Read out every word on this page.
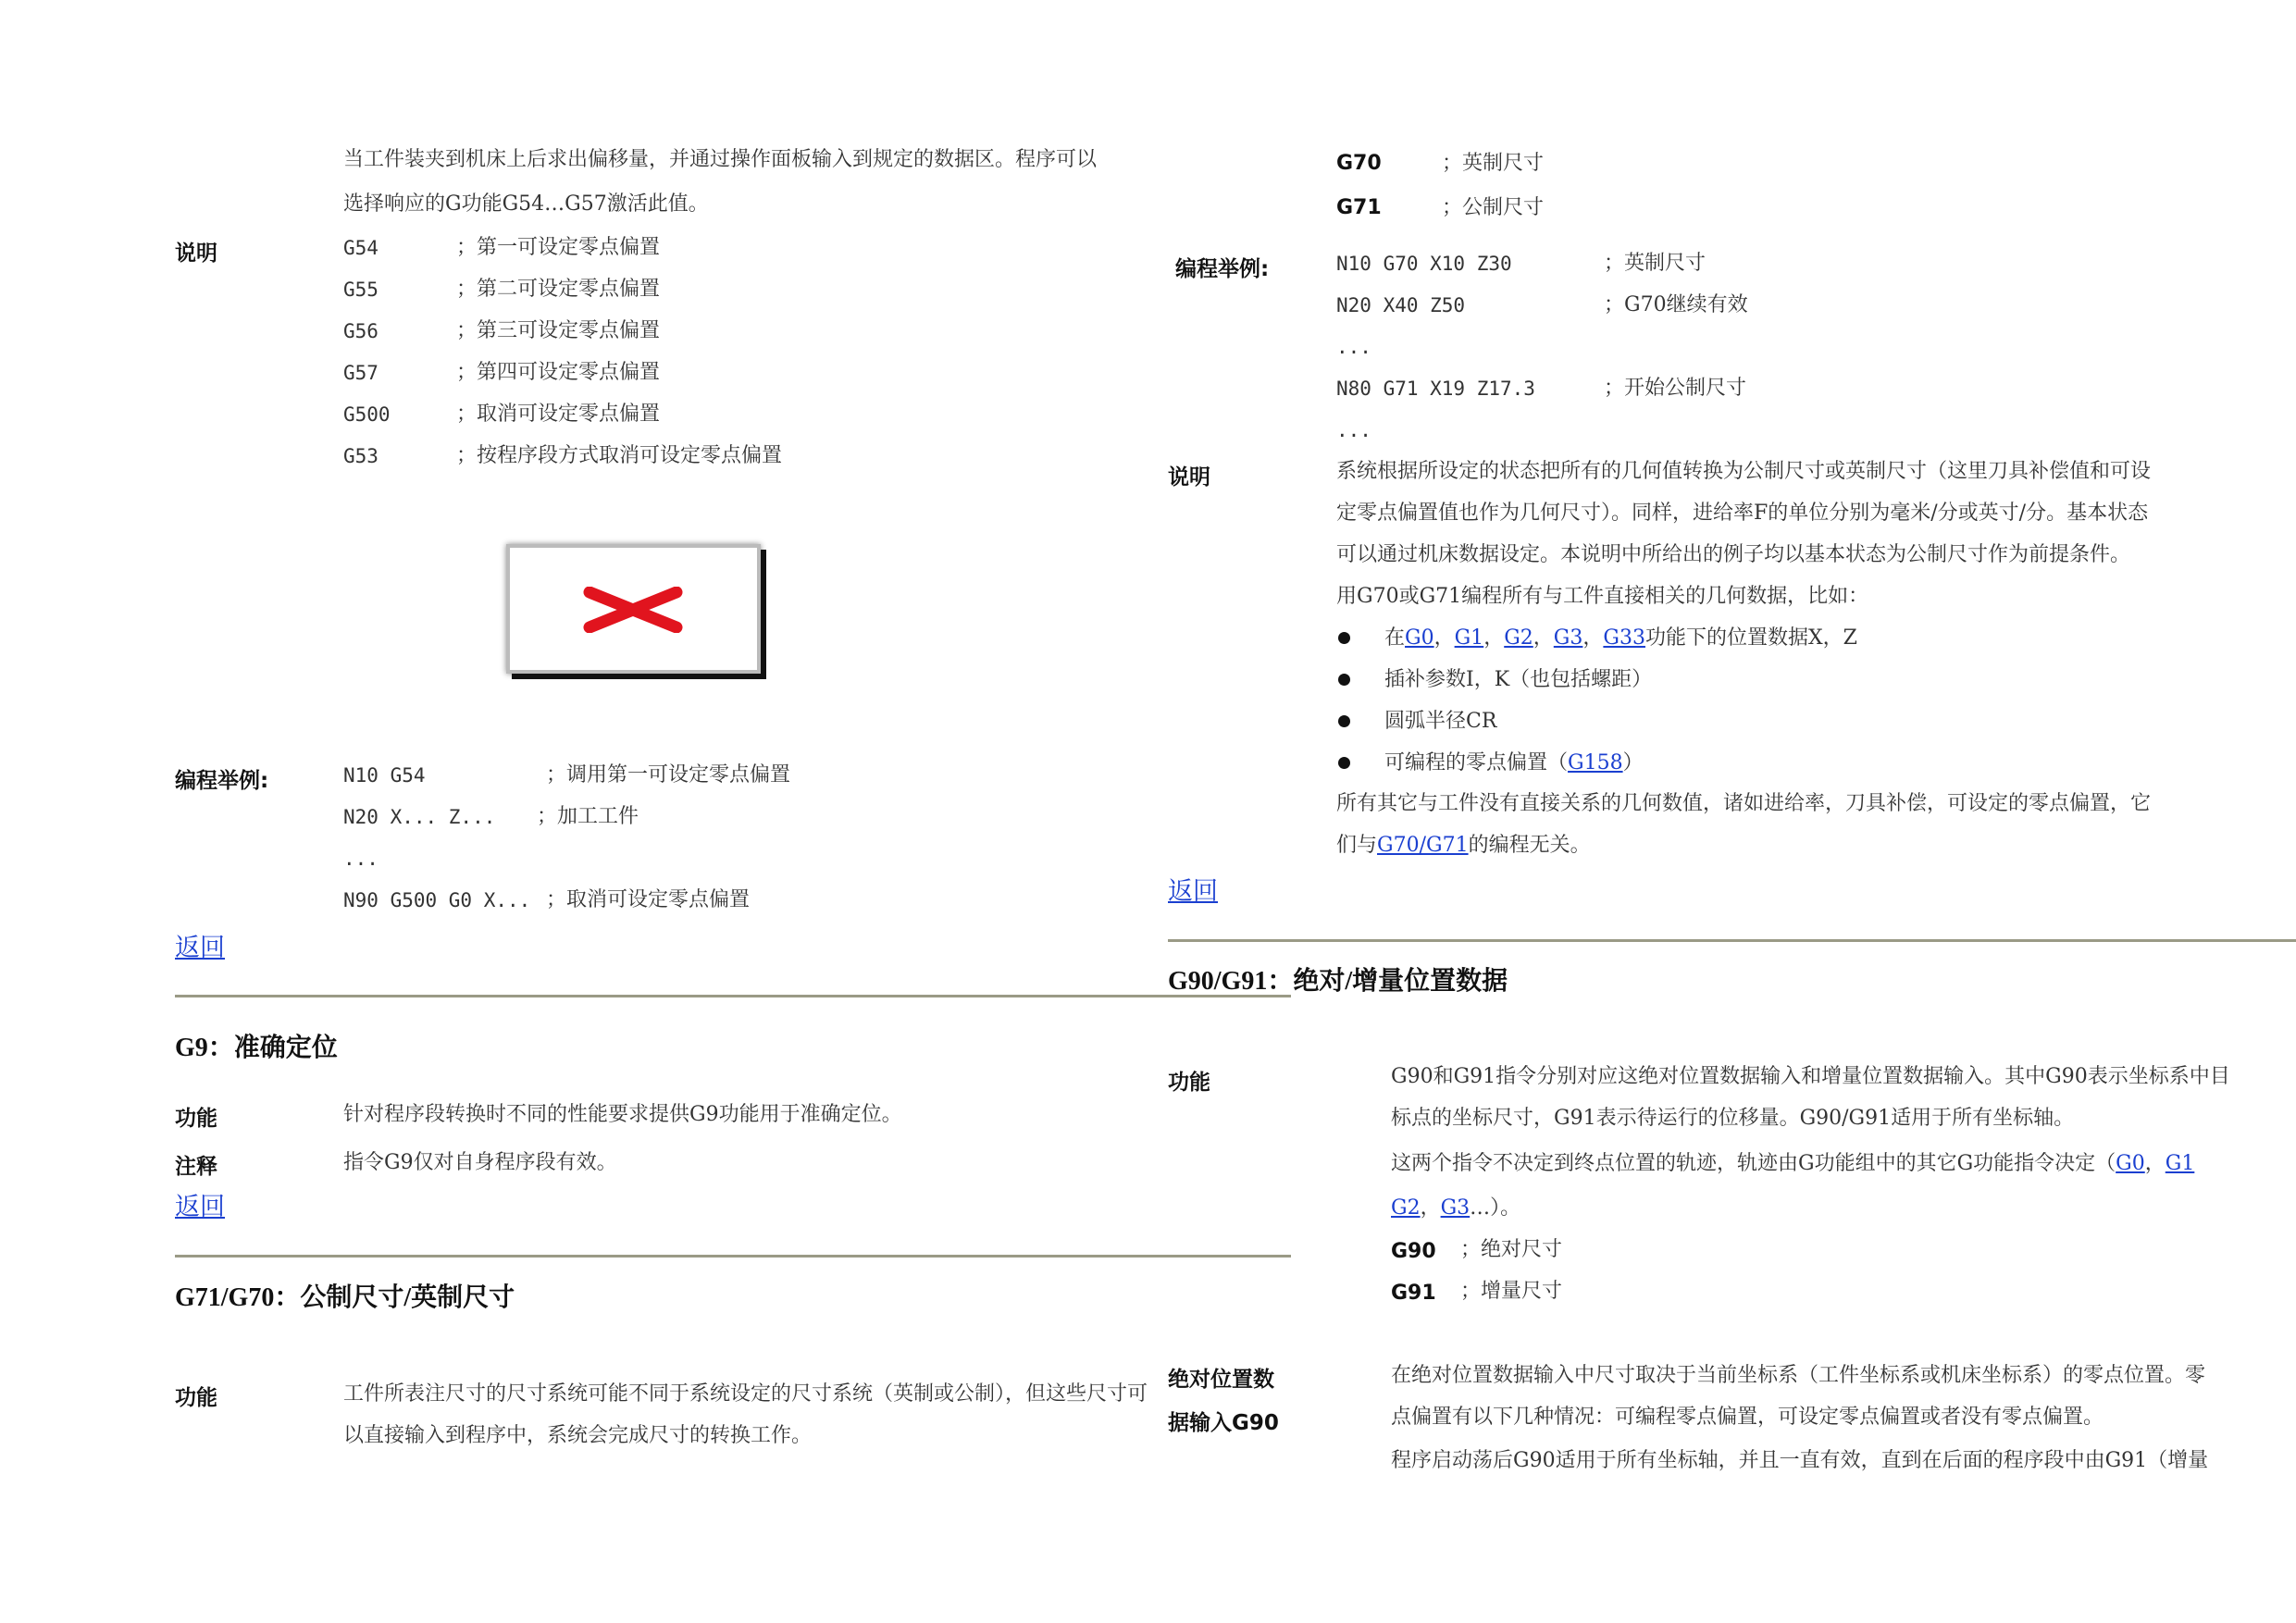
当工件装夹到机床上后求出偏移量，并通过操作面板输入到规定的数据区。程序可以
选择响应的G功能G54…G57激活此值。
说明	G54	；第一可设定零点偏置
G55	；第二可设定零点偏置
G56	；第三可设定零点偏置
G57	；第四可设定零点偏置
G500	；取消可设定零点偏置
G53	；按程序段方式取消可设定零点偏置
编程举例:	N10 G54	；调用第一可设定零点偏置
N20 X... Z... ；加工工件
...
N90 G500 G0 X... ；取消可设定零点偏置
返回
G9：准确定位
功能	针对程序段转换时不同的性能要求提供G9功能用于准确定位。
注释	指令G9仅对自身程序段有效。
返回
G71/G70：公制尺寸/英制尺寸
功能	工件所表注尺寸的尺寸系统可能不同于系统设定的尺寸系统（英制或公制），但这些尺寸可
以直接输入到程序中，系统会完成尺寸的转换工作。
G70	；英制尺寸
G71	；公制尺寸
编程举例:	N10 G70 X10 Z30	；英制尺寸
N20 X40 Z50	；G70继续有效
...
N80 G71 X19 Z17.3	；开始公制尺寸
...
说明	系统根据所设定的状态把所有的几何值转换为公制尺寸或英制尺寸（这里刀具补偿值和可设
定零点偏置值也作为几何尺寸）。同样，进给率F的单位分别为毫米/分或英寸/分。基本状态
可以通过机床数据设定。本说明中所给出的例子均以基本状态为公制尺寸作为前提条件。
用G70或G71编程所有与工件直接相关的几何数据，比如：
在G0，G1，G2，G3，G33功能下的位置数据X，Z
插补参数I，K（也包括螺距）
圆弧半径CR
可编程的零点偏置（G158）
所有其它与工件没有直接关系的几何数值，诸如进给率，刀具补偿，可设定的零点偏置，它
们与G70/G71的编程无关。
返回
G90/G91：绝对/增量位置数据
功能	G90和G91指令分别对应这绝对位置数据输入和增量位置数据输入。其中G90表示坐标系中目
标点的坐标尺寸，G91表示待运行的位移量。G90/G91适用于所有坐标轴。
这两个指令不决定到终点位置的轨迹，轨迹由G功能组中的其它G功能指令决定（G0，G1
G2，G3…）。
G90 ；绝对尺寸
G91 ；增量尺寸
绝对位置数
据输入G90
在绝对位置数据输入中尺寸取决于当前坐标系（工件坐标系或机床坐标系）的零点位置。零
点偏置有以下几种情况：可编程零点偏置，可设定零点偏置或者没有零点偏置。
程序启动荡后G90适用于所有坐标轴，并且一直有效，直到在后面的程序段中由G91（增量
